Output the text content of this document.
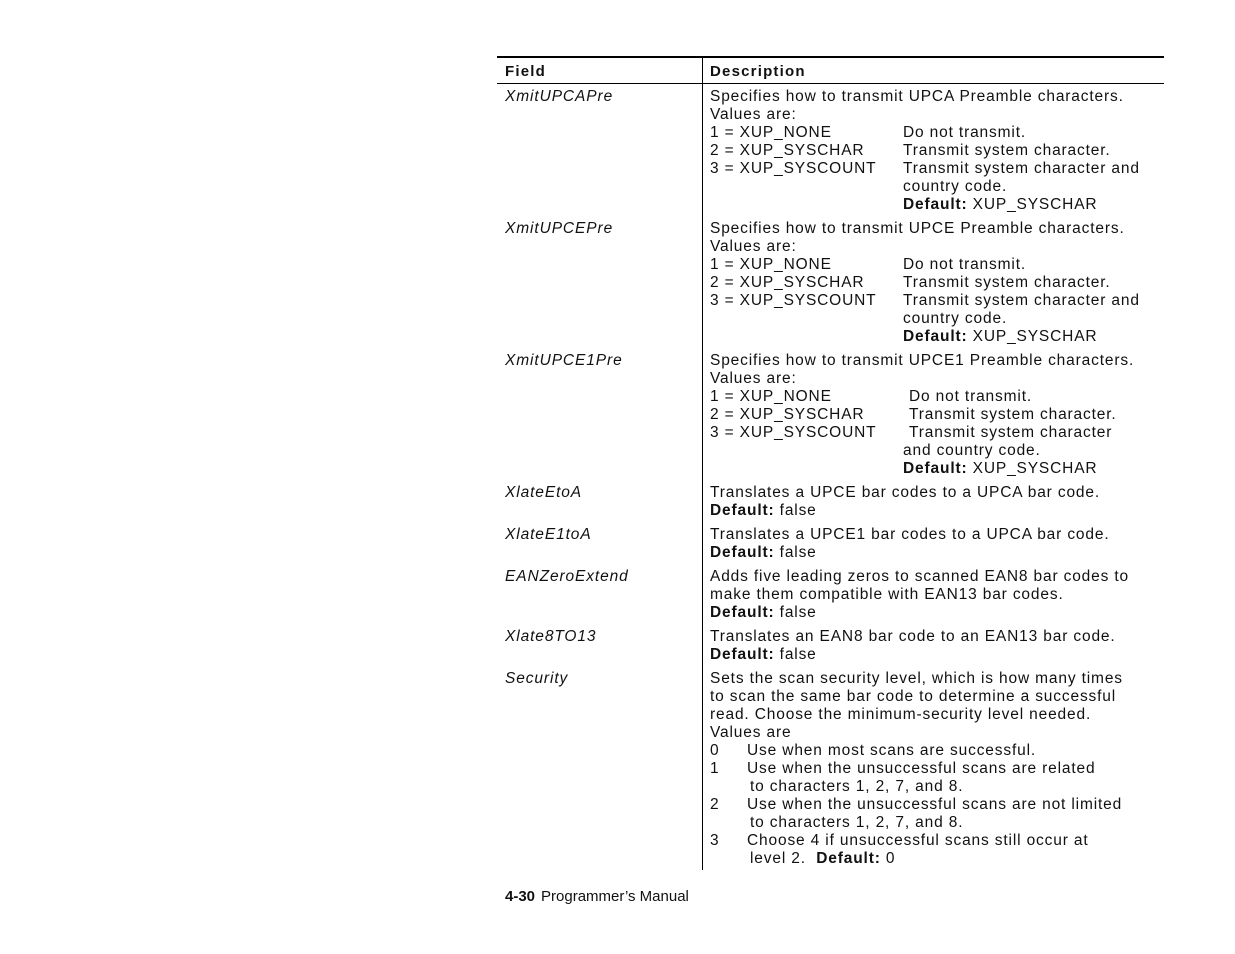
Field	Description
XmitUPCAPre	Specifies how to transmit UPCA Preamble characters.
Values are:
1 = XUP_NONE	Do not transmit.
2 = XUP_SYSCHAR Transmit system character.
3 = XUP_SYSCOUNT Transmit system character and
country code.
Default: XUP_SYSCHAR
XmitUPCEPre	Specifies how to transmit UPCE Preamble characters.
Values are:
1 = XUP_NONE	Do not transmit.
2 = XUP_SYSCHAR Transmit system character.
3 = XUP_SYSCOUNT Transmit system character and
country code.
Default: XUP_SYSCHAR
XmitUPCE1Pre	Specifies how to transmit UPCE1 Preamble characters.
Values are:
1 = XUP_NONE	Do not transmit.
2 = XUP_SYSCHAR	Transmit system character.
3 = XUP_SYSCOUNT Transmit system character
and country code.
Default: XUP_SYSCHAR
XlateEtoA	Translates a UPCE bar codes to a UPCA bar code.
Default: false
XlateE1toA	Translates a UPCE1 bar codes to a UPCA bar code.
Default: false
EANZeroExtend	Adds five leading zeros to scanned EAN8 bar codes to
make them compatible with EAN13 bar codes.
Default: false
Xlate8TO13	Translates an EAN8 bar code to an EAN13 bar code.
Default: false
Security	Sets the scan security level, which is how many times
to scan the same bar code to determine a successful
read. Choose the minimum-security level needed.
Values are
0 Use when most scans are successful.
1 Use when the unsuccessful scans are related
to characters 1, 2, 7, and 8.
2 Use when the unsuccessful scans are not limited
to characters 1, 2, 7, and 8.
3 Choose 4 if unsuccessful scans still occur at
level 2.  Default: 0
4-30 Programmer’s Manual
